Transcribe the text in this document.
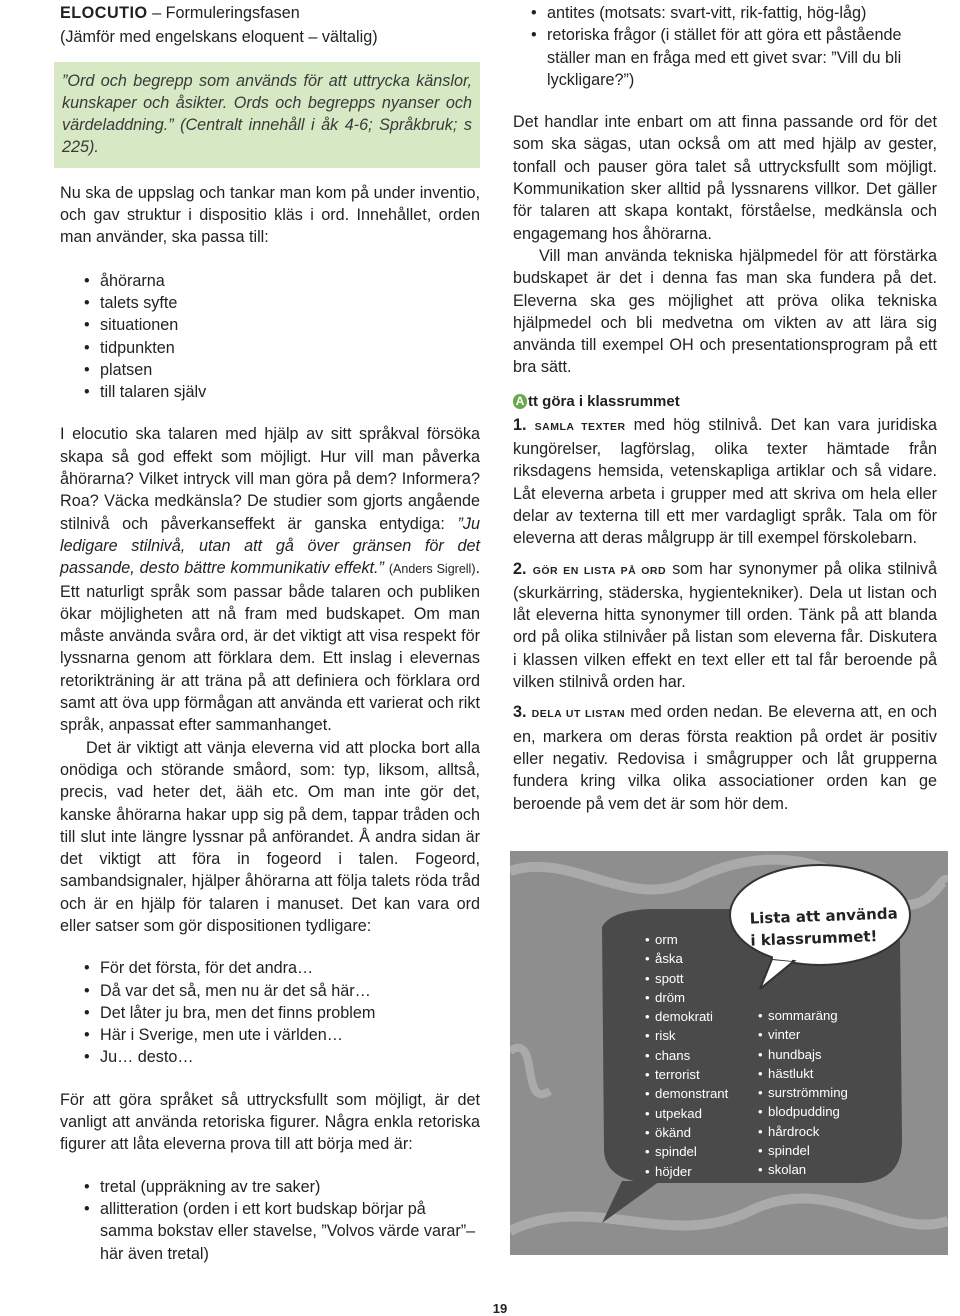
ELOCUTIO – Formuleringsfasen
(Jämför med engelskans eloquent – vältalig)

”Ord och begrepp som används för att uttrycka känslor, kunskaper och åsikter. Ords och begrepps nyanser och värdeladdning.” (Centralt innehåll i åk 4-6; Språkbruk; s 225).

Nu ska de uppslag och tankar man kom på under inventio, och gav struktur i dispositio kläs i ord. Innehållet, orden man använder, ska passa till:

• åhörarna
• talets syfte
• situationen
• tidpunkten
• platsen
• till talaren själv

I elocutio ska talaren med hjälp av sitt språkval försöka skapa så god effekt som möjligt. Hur vill man påverka åhörarna? Vilket intryck vill man göra på dem? Informera? Roa? Väcka medkänsla? De studier som gjorts angående stilnivå och påverkanseffekt är ganska entydiga: ”Ju ledigare stilnivå, utan att gå över gränsen för det passande, desto bättre kommunikativ effekt.” (Anders Sigrell). Ett naturligt språk som passar både talaren och publiken ökar möjligheten att nå fram med budskapet. Om man måste använda svåra ord, är det viktigt att visa respekt för lyssnarna genom att förklara dem. Ett inslag i elevernas retorikträning är att träna på att definiera och förklara ord samt att öva upp förmågan att använda ett varierat och rikt språk, anpassat efter sammanhanget.

Det är viktigt att vänja eleverna vid att plocka bort alla onödiga och störande småord, som: typ, liksom, alltså, precis, vad heter det, ääh etc. Om man inte gör det, kanske åhörarna hakar upp sig på dem, tappar tråden och till slut inte längre lyssnar på anförandet. Å andra sidan är det viktigt att föra in fogeord i talen. Fogeord, sambandsignaler, hjälper åhörarna att följa talets röda tråd och är en hjälp för talaren i manuset. Det kan vara ord eller satser som gör dispositionen tydligare:

• För det första, för det andra…
• Då var det så, men nu är det så här…
• Det låter ju bra, men det finns problem
• Här i Sverige, men ute i världen…
• Ju… desto…

För att göra språket så uttrycksfullt som möjligt, är det vanligt att använda retoriska figurer. Några enkla retoriska figurer att låta eleverna prova till att börja med är:

• tretal (uppräkning av tre saker)
• allitteration (orden i ett kort budskap börjar på samma bokstav eller stavelse, ”Volvos värde varar”– här även tretal)
• antites (motsats: svart-vitt, rik-fattig, hög-låg)
• retoriska frågor (i stället för att göra ett påstående ställer man en fråga med ett givet svar: ”Vill du bli lyckligare?”)

Det handlar inte enbart om att finna passande ord för det som ska sägas, utan också om att med hjälp av gester, tonfall och pauser göra talet så uttrycksfullt som möjligt. Kommunikation sker alltid på lyssnarens villkor. Det gäller för talaren att skapa kontakt, förståelse, medkänsla och engagemang hos åhörarna.

Vill man använda tekniska hjälpmedel för att förstärka budskapet är det i denna fas man ska fundera på det. Eleverna ska ges möjlighet att pröva olika tekniska hjälpmedel och bli medvetna om vikten av att lära sig använda till exempel OH och presentationsprogram på ett bra sätt.

A tt göra i klassrummet

1. SAMLA TEXTER med hög stilnivå. Det kan vara juridiska kungörelser, lagförslag, olika texter hämtade från riksdagens hemsida, vetenskapliga artiklar och så vidare. Låt eleverna arbeta i grupper med att skriva om hela eller delar av texterna till ett mer vardagligt språk. Tala om för eleverna att deras målgrupp är till exempel förskolebarn.

2. GÖR EN LISTA PÅ ORD som har synonymer på olika stilnivå (skurkärring, städerska, hygientekniker). Dela ut listan och låt eleverna hitta synonymer till orden. Tänk på att blanda ord på olika stilnivåer på listan som eleverna får. Diskutera i klassen vilken effekt en text eller ett tal får beroende på vilken stilnivå orden har.

3. DELA UT LISTAN med orden nedan. Be eleverna att, en och en, markera om deras första reaktion på ordet är positiv eller negativ. Redovisa i smågrupper och låt grupperna fundera kring vilka olika associationer orden kan ge beroende på vem det är som hör dem.

• orm
• åska
• spott
• dröm
• demokrati
• risk
• chans
• terrorist
• demonstrant
• utpekad
• ökänd
• spindel
• höjder
• sommaräng
• vinter
• hundbajs
• hästlukt
• surströmming
• blodpudding
• hårdrock
• spindel
• skolan
Lista att använda
i klassrummet!
19
